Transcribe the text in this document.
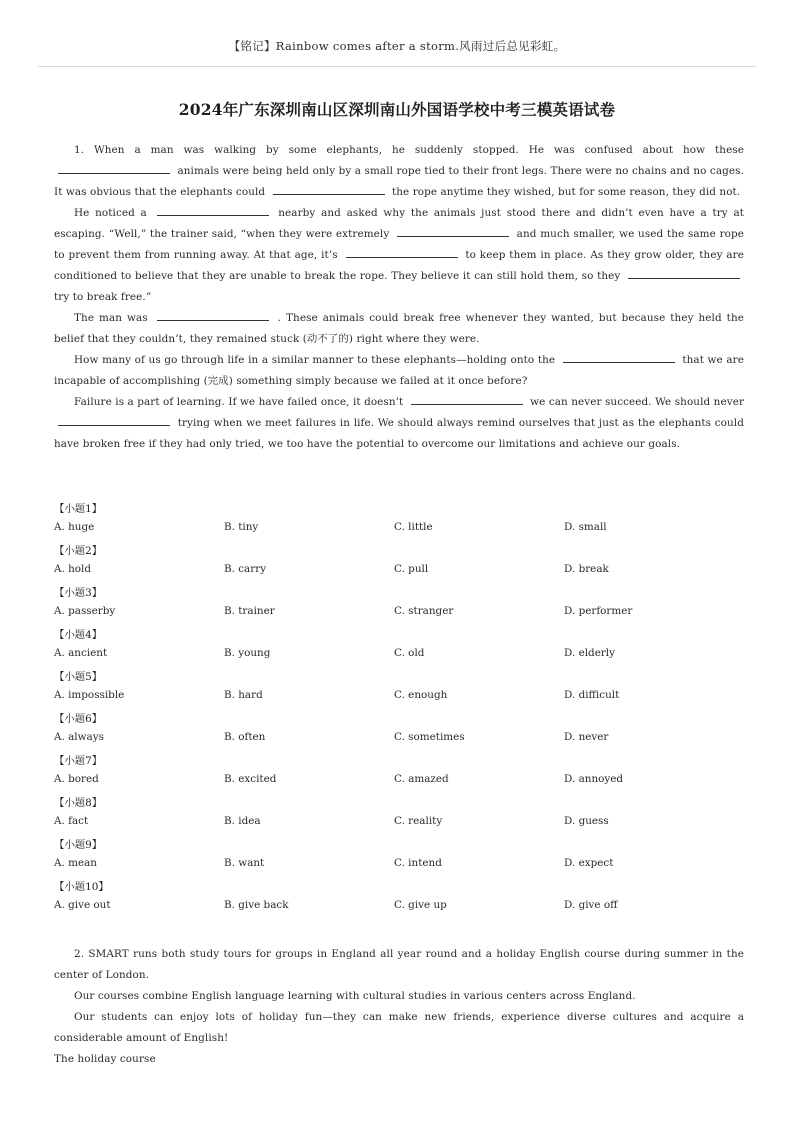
【铭记】Rainbow comes after a storm.风雨过后总见彩虹。
2024年广东深圳南山区深圳南山外国语学校中考三模英语试卷

1. When a man was walking by some elephants, he suddenly stopped. He was confused about how these  animals were being held only by a small rope tied to their front legs. There were no chains and no cages. It was obvious that the elephants could	the rope anytime they wished, but for some reason, they did not.

He noticed a	nearby and asked why the animals just stood there and didn’t even have a try at escaping. “Well,” the trainer said, “when they were extremely	and much smaller, we used the same rope to prevent them from running away. At that age, it’s	to keep them in place. As they grow older, they are conditioned to believe that they are unable to break the rope. They believe it can still hold them, so they  try to break free.”

The man was	. These animals could break free whenever they wanted, but because they held the belief that they couldn’t, they remained stuck (动不了的) right where they were.

How many of us go through life in a similar manner to these elephants—holding onto the	that we are incapable of accomplishing (完成) something simply because we failed at it once before?

Failure is a part of learning. If we have failed once, it doesn’t	we can never succeed. We should never  trying when we meet failures in life. We should always remind ourselves that just as the elephants could have broken free if they had only tried, we too have the potential to overcome our limitations and achieve our goals.

【小题1】
A. huge	B. tiny	C. little	D. small
【小题2】
A. hold	B. carry	C. pull	D. break
【小题3】
A. passerby	B. trainer	C. stranger	D. performer
【小题4】
A. ancient	B. young	C. old	D. elderly
【小题5】
A. impossible	B. hard	C. enough	D. difficult
【小题6】
A. always	B. often	C. sometimes	D. never
【小题7】
A. bored	B. excited	C. amazed	D. annoyed
【小题8】
A. fact	B. idea	C. reality	D. guess
【小题9】
A. mean	B. want	C. intend	D. expect
【小题10】
A. give out	B. give back	C. give up	D. give off

2. SMART runs both study tours for groups in England all year round and a holiday English course during summer in the center of London.

Our courses combine English language learning with cultural studies in various centers across England.

Our students can enjoy lots of holiday fun—they can make new friends, experience diverse cultures and acquire a considerable amount of English!

The holiday course
